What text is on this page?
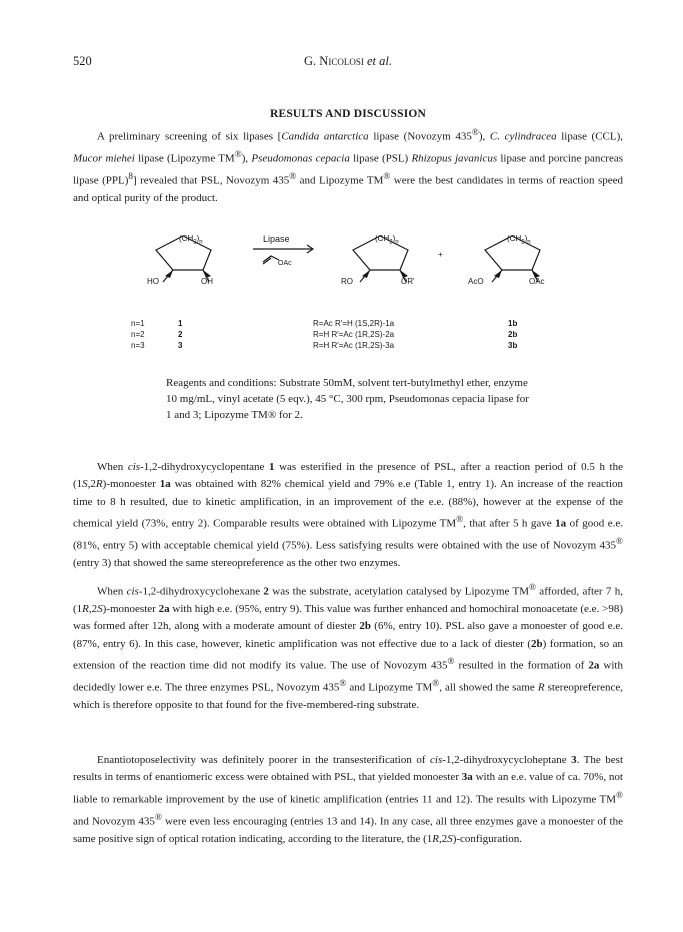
520	G. Nicolosi et al.
RESULTS AND DISCUSSION

A preliminary screening of six lipases [Candida antarctica lipase (Novozym 435®), C. cylindracea lipase (CCL), Mucor miehei lipase (Lipozyme TM®), Pseudomonas cepacia lipase (PSL) Rhizopus javanicus lipase and porcine pancreas lipase (PPL)$^8$] revealed that PSL, Novozym 435® and Lipozyme TM® were the best candidates in terms of reaction speed and optical purity of the product.

$(CH_2)_n$
HO	OH
Lipase
OAc
$(CH_2)_n$
RO	OR'
+
$(CH_2)_n$
AcO	OAc
n=1	1	R=Ac R'=H (1S,2R)-1a	1b
n=2	2	R=H R'=Ac (1R,2S)-2a	2b
n=3	3	R=H R'=Ac (1R,2S)-3a	3b

Reagents and conditions: Substrate 50mM, solvent tert-butylmethyl ether, enzyme 10 mg/mL, vinyl acetate (5 eqv.), 45 °C, 300 rpm, Pseudomonas cepacia lipase for 1 and 3; Lipozyme TM® for 2.

When cis-1,2-dihydroxycyclopentane 1 was esterified in the presence of PSL, after a reaction period of 0.5 h the (1S,2R)-monoester 1a was obtained with 82% chemical yield and 79% e.e (Table 1, entry 1). An increase of the reaction time to 8 h resulted, due to kinetic amplification, in an improvement of the e.e. (88%), however at the expense of the chemical yield (73%, entry 2). Comparable results were obtained with Lipozyme TM®, that after 5 h gave 1a of good e.e. (81%, entry 5) with acceptable chemical yield (75%). Less satisfying results were obtained with the use of Novozym 435® (entry 3) that showed the same stereopreference as the other two enzymes.

When cis-1,2-dihydroxycyclohexane 2 was the substrate, acetylation catalysed by Lipozyme TM® afforded, after 7 h, (1R,2S)-monoester 2a with high e.e. (95%, entry 9). This value was further enhanced and homochiral monoacetate (e.e. >98) was formed after 12h, along with a moderate amount of diester 2b (6%, entry 10). PSL also gave a monoester of good e.e. (87%, entry 6). In this case, however, kinetic amplification was not effective due to a lack of diester (2b) formation, so an extension of the reaction time did not modify its value. The use of Novozym 435® resulted in the formation of 2a with decidedly lower e.e. The three enzymes PSL, Novozym 435® and Lipozyme TM®, all showed the same R stereopreference, which is therefore opposite to that found for the five-membered-ring substrate.

Enantiotoposelectivity was definitely poorer in the transesterification of cis-1,2-dihydroxycycloheptane 3. The best results in terms of enantiomeric excess were obtained with PSL, that yielded monoester 3a with an e.e. value of ca. 70%, not liable to remarkable improvement by the use of kinetic amplification (entries 11 and 12). The results with Lipozyme TM® and Novozym 435® were even less encouraging (entries 13 and 14). In any case, all three enzymes gave a monoester of the same positive sign of optical rotation indicating, according to the literature, the (1R,2S)-configuration.
